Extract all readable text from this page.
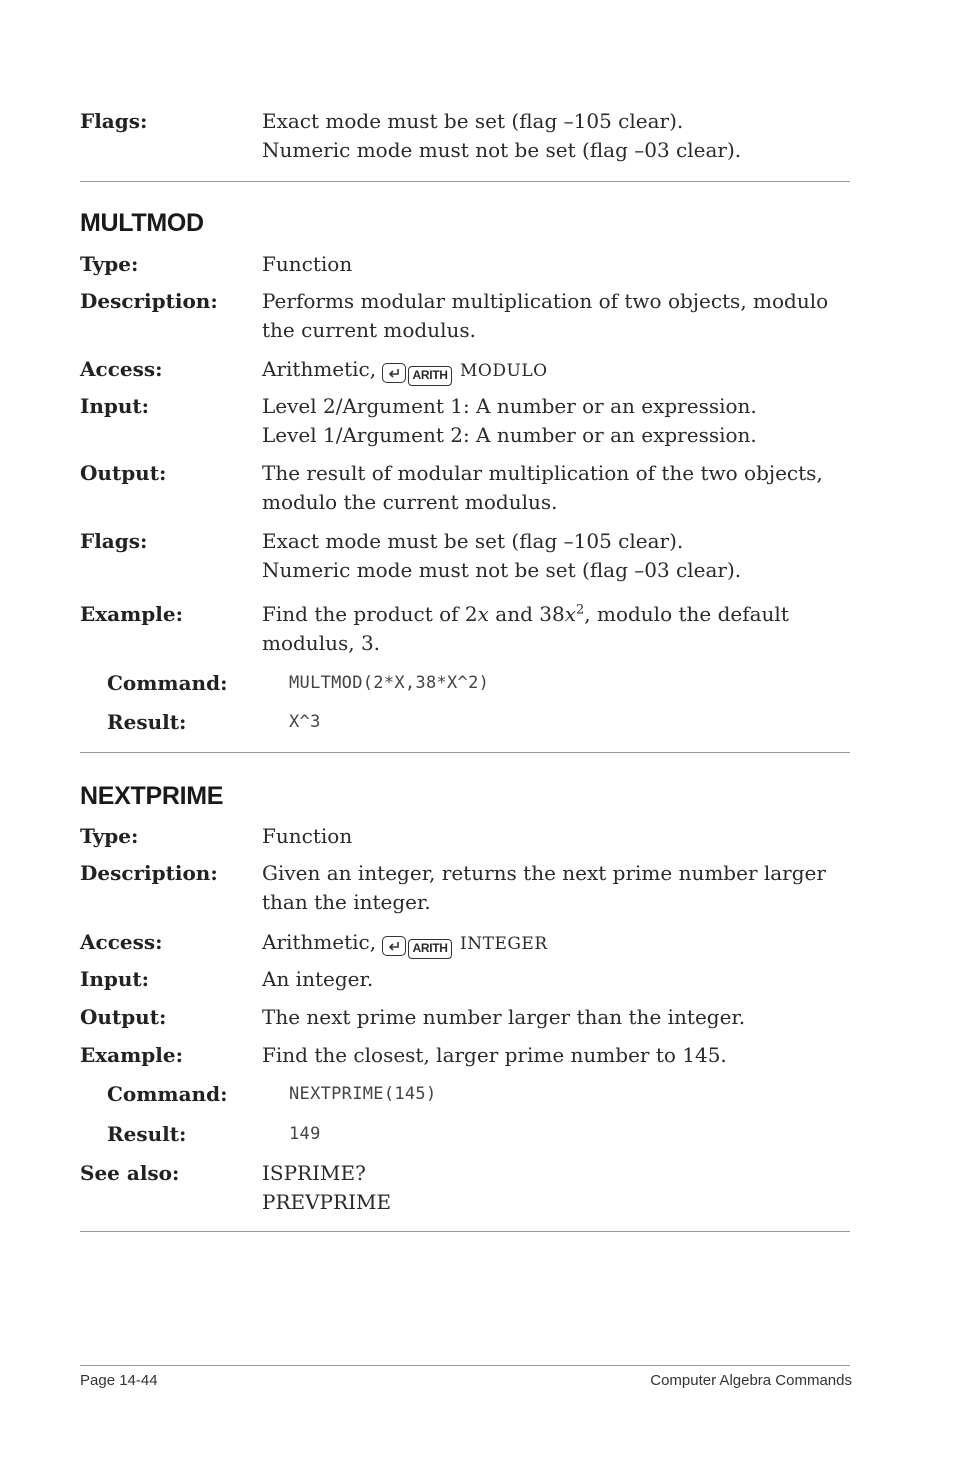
Flags:	Exact mode must be set (flag –105 clear).
Numeric mode must not be set (flag –03 clear).
MULTMOD
Type:	Function
Description:	Performs modular multiplication of two objects, modulo
the current modulus.
Access:	Arithmetic,	ARITH MODULO
Input:	Level 2/Argument 1: A number or an expression.
Level 1/Argument 2: A number or an expression.
Output:	The result of modular multiplication of the two objects,
modulo the current modulus.
Flags:	Exact mode must be set (flag –105 clear).
Numeric mode must not be set (flag –03 clear).
Example:	Find the product of 2x and $38x^2$, modulo the default
modulus, 3.
Command:	MULTMOD(2*X,38*X^2)
Result:	X^3
NEXTPRIME
Type:	Function
Description:	Given an integer, returns the next prime number larger
than the integer.
Access:	Arithmetic,	ARITH INTEGER
Input:	An integer.
Output:	The next prime number larger than the integer.
Example:	Find the closest, larger prime number to 145.
Command:	NEXTPRIME(145)
Result:	149
See also:	ISPRIME?
PREVPRIME
Page 14-44	Computer Algebra Commands
